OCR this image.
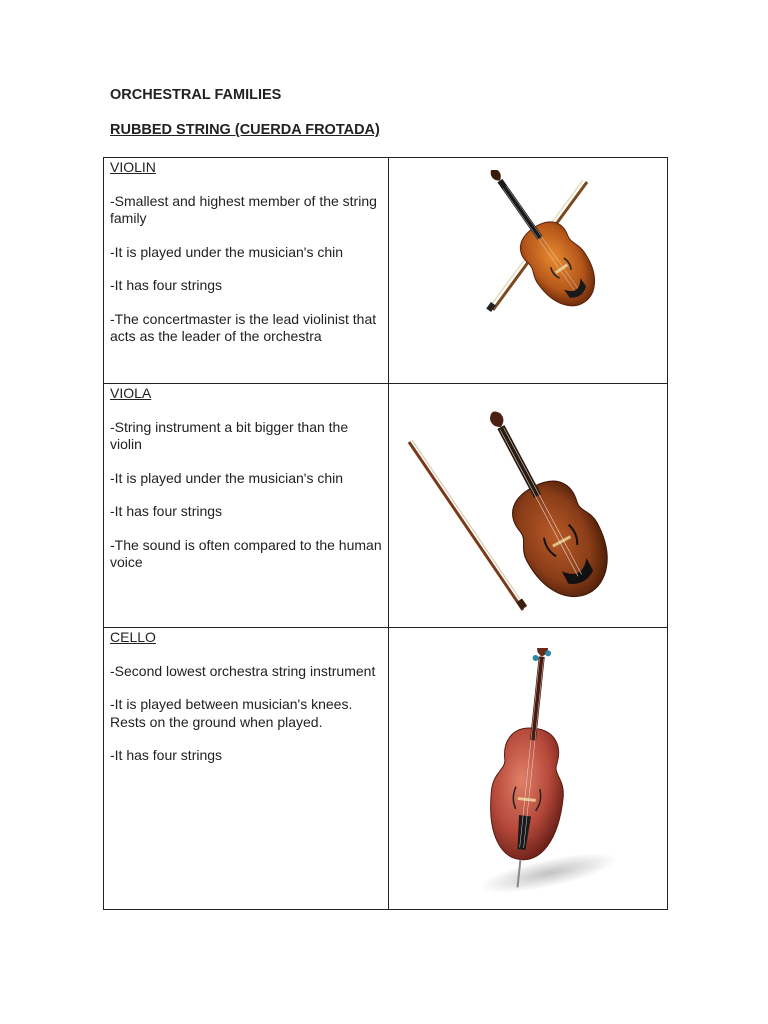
ORCHESTRAL FAMILIES
RUBBED STRING (CUERDA FROTADA)
VIOLIN
-Smallest and highest member of the string family
-It is played under the musician's chin
-It has four strings
-The concertmaster is the lead violinist that acts as the leader of the orchestra

VIOLA
-String instrument a bit bigger than the violin
-It is played under the musician's chin
-It has four strings
-The sound is often compared to the human voice

CELLO
-Second lowest orchestra string instrument
-It is played between musician's knees. Rests on the ground when played.
-It has four strings
